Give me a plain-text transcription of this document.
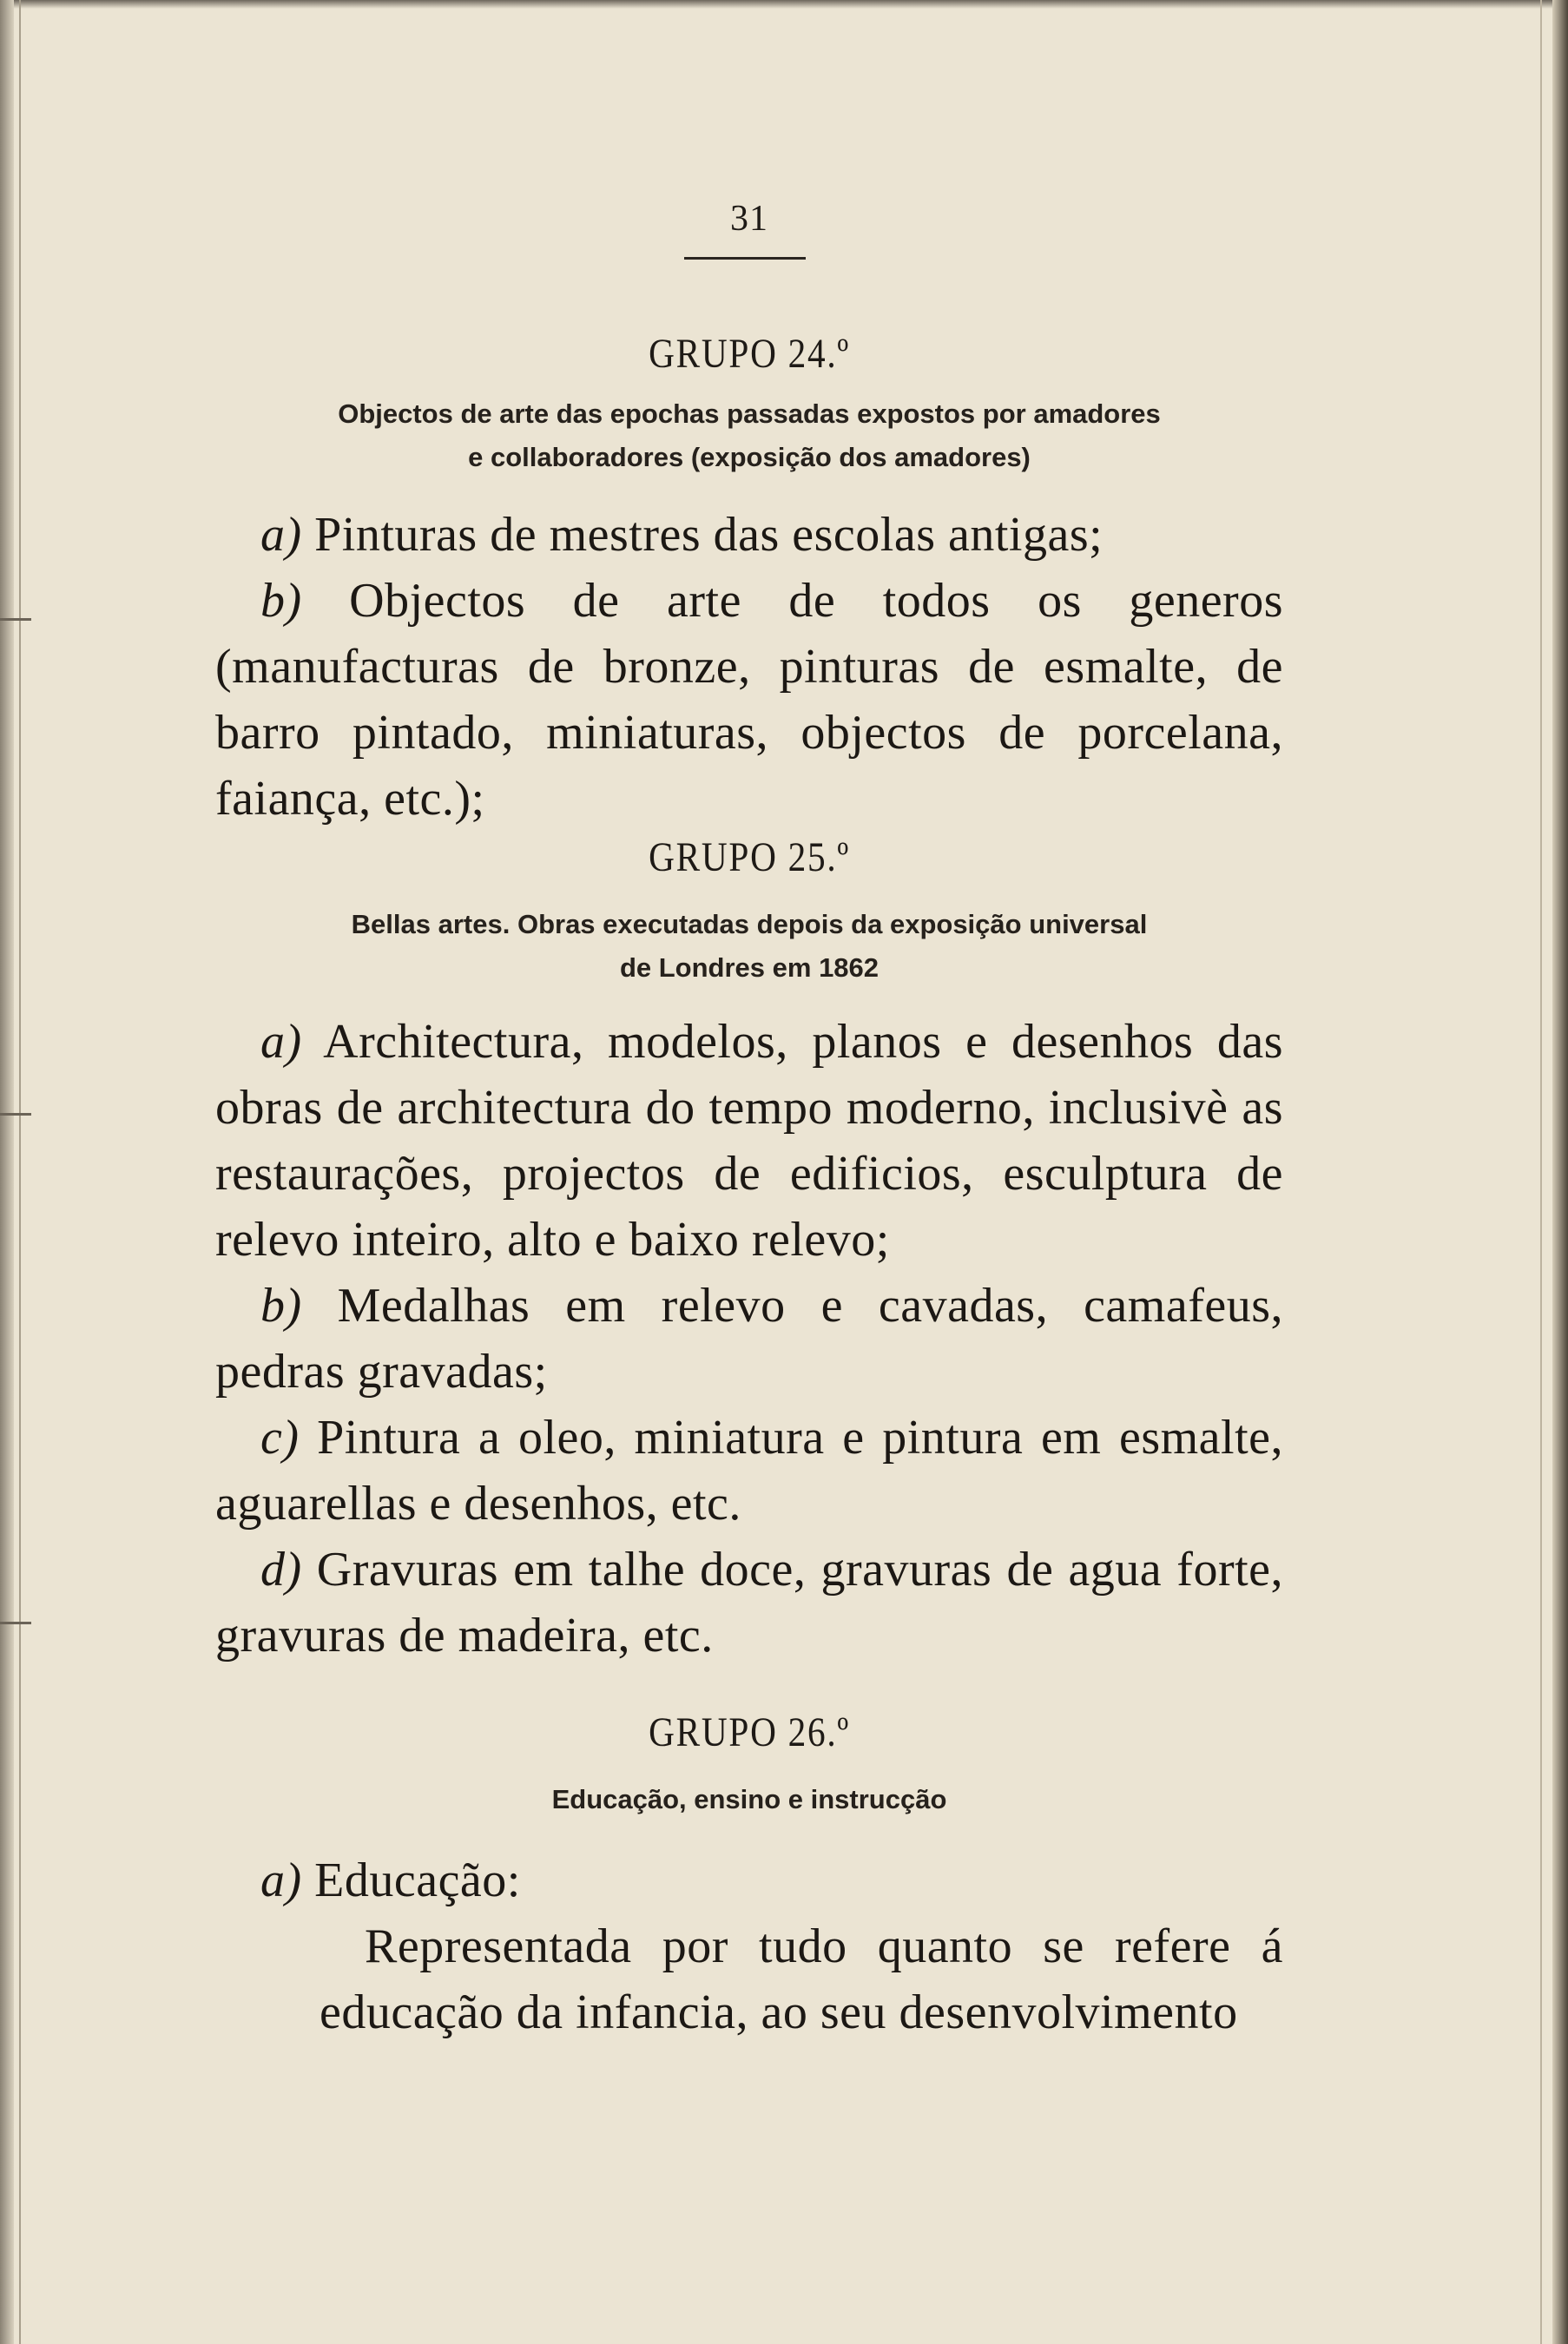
31
GRUPO 24.º
Objectos de arte das epochas passadas expostos por amadores
e collaboradores (exposição dos amadores)

a) Pinturas de mestres das escolas antigas;

b) Objectos de arte de todos os generos (manufacturas de bronze, pinturas de esmalte, de barro pintado, miniaturas, objectos de porcelana, faiança, etc.);

GRUPO 25.º
Bellas artes. Obras executadas depois da exposição universal
de Londres em 1862

a) Architectura, modelos, planos e desenhos das obras de architectura do tempo moderno, inclusivè as restaurações, projectos de edificios, esculptura de relevo inteiro, alto e baixo relevo;

b) Medalhas em relevo e cavadas, camafeus, pedras gravadas;

c) Pintura a oleo, miniatura e pintura em esmalte, aguarellas e desenhos, etc.

d) Gravuras em talhe doce, gravuras de agua forte, gravuras de madeira, etc.

GRUPO 26.º
Educação, ensino e instrucção

a) Educação:

Representada por tudo quanto se refere á educação da infancia, ao seu desenvolvimento
